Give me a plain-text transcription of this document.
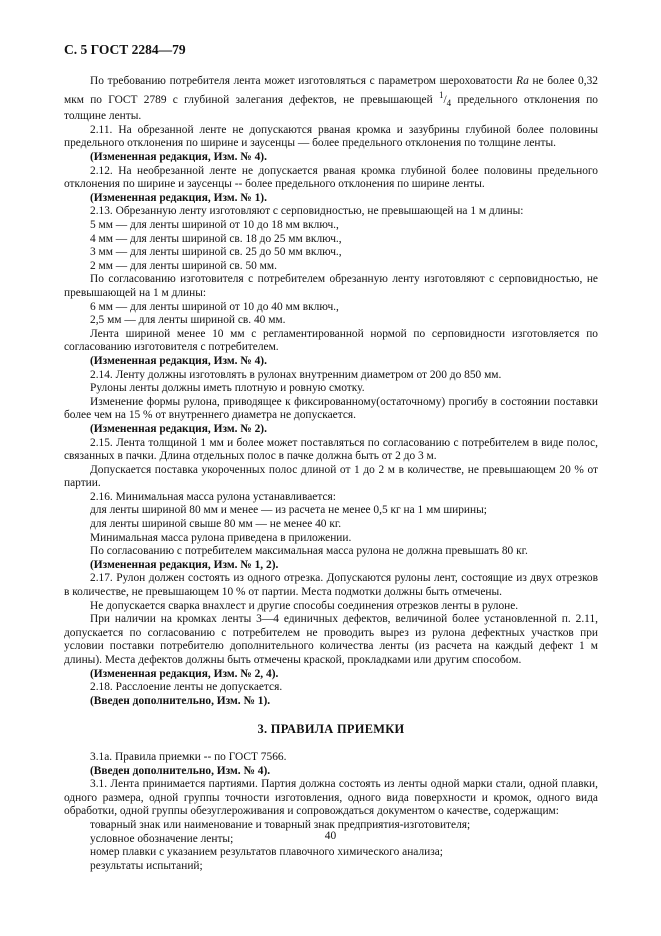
С. 5 ГОСТ 2284—79

По требованию потребителя лента может изготовляться с параметром шероховатости Ra не более 0,32 мкм по ГОСТ 2789 с глубиной залегания дефектов, не превышающей $^1/_4$ предельного отклонения по толщине ленты.

2.11. На обрезанной ленте не допускаются рваная кромка и зазубрины глубиной более половины предельного отклонения по ширине и заусенцы — более предельного отклонения по толщине ленты.

(Измененная редакция, Изм. № 4).

2.12. На необрезанной ленте не допускается рваная кромка глубиной более половины предельного отклонения по ширине и заусенцы -- более предельного отклонения по ширине ленты.

(Измененная редакция, Изм. № 1).

2.13. Обрезанную ленту изготовляют с серповидностью, не превышающей на 1 м длины:

5 мм — для ленты шириной от 10 до 18 мм включ.,

4 мм — для ленты шириной св. 18 до 25 мм включ.,

3 мм — для ленты шириной св. 25 до 50 мм включ.,

2 мм — для ленты шириной св. 50 мм.

По согласованию изготовителя с потребителем обрезанную ленту изготовляют с серповидностью, не превышающей на 1 м длины:

6 мм — для ленты шириной от 10 до 40 мм включ.,

2,5 мм — для ленты шириной св. 40 мм.

Лента шириной менее 10 мм с регламентированной нормой по серповидности изготовляется по согласованию изготовителя с потребителем.

(Измененная редакция, Изм. № 4).

2.14. Ленту должны изготовлять в рулонах внутренним диаметром от 200 до 850 мм.

Рулоны ленты должны иметь плотную и ровную смотку.

Изменение формы рулона, приводящее к фиксированному(остаточному) прогибу в состоянии поставки более чем на 15 % от внутреннего диаметра не допускается.

(Измененная редакция, Изм. № 2).

2.15. Лента толщиной 1 мм и более может поставляться по согласованию с потребителем в виде полос, связанных в пачки. Длина отдельных полос в пачке должна быть от 2 до 3 м.

Допускается поставка укороченных полос длиной от 1 до 2 м в количестве, не превышающем 20 % от партии.

2.16. Минимальная масса рулона устанавливается:

для ленты шириной 80 мм и менее — из расчета не менее 0,5 кг на 1 мм ширины;

для ленты шириной свыше 80 мм — не менее 40 кг.

Минимальная масса рулона приведена в приложении.

По согласованию с потребителем максимальная масса рулона не должна превышать 80 кг.

(Измененная редакция, Изм. № 1, 2).

2.17. Рулон должен состоять из одного отрезка. Допускаются рулоны лент, состоящие из двух отрезков в количестве, не превышающем 10 % от партии. Места подмотки должны быть отмечены.

Не допускается сварка внахлест и другие способы соединения отрезков ленты в рулоне.

При наличии на кромках ленты 3—4 единичных дефектов, величиной более установленной п. 2.11, допускается по согласованию с потребителем не проводить вырез из рулона дефектных участков при условии поставки потребителю дополнительного количества ленты (из расчета на каждый дефект 1 м длины). Места дефектов должны быть отмечены краской, прокладками или другим способом.

(Измененная редакция, Изм. № 2, 4).

2.18. Расслоение ленты не допускается.

(Введен дополнительно, Изм. № 1).

3. ПРАВИЛА ПРИЕМКИ

3.1а. Правила приемки -- по ГОСТ 7566.

(Введен дополнительно, Изм. № 4).

3.1. Лента принимается партиями. Партия должна состоять из ленты одной марки стали, одной плавки, одного размера, одной группы точности изготовления, одного вида поверхности и кромок, одного вида обработки, одной группы обезуглероживания и сопровождаться документом о качестве, содержащим:

товарный знак или наименование и товарный знак предприятия-изготовителя;

условное обозначение ленты;

номер плавки с указанием результатов плавочного химического анализа;

результаты испытаний;

40
